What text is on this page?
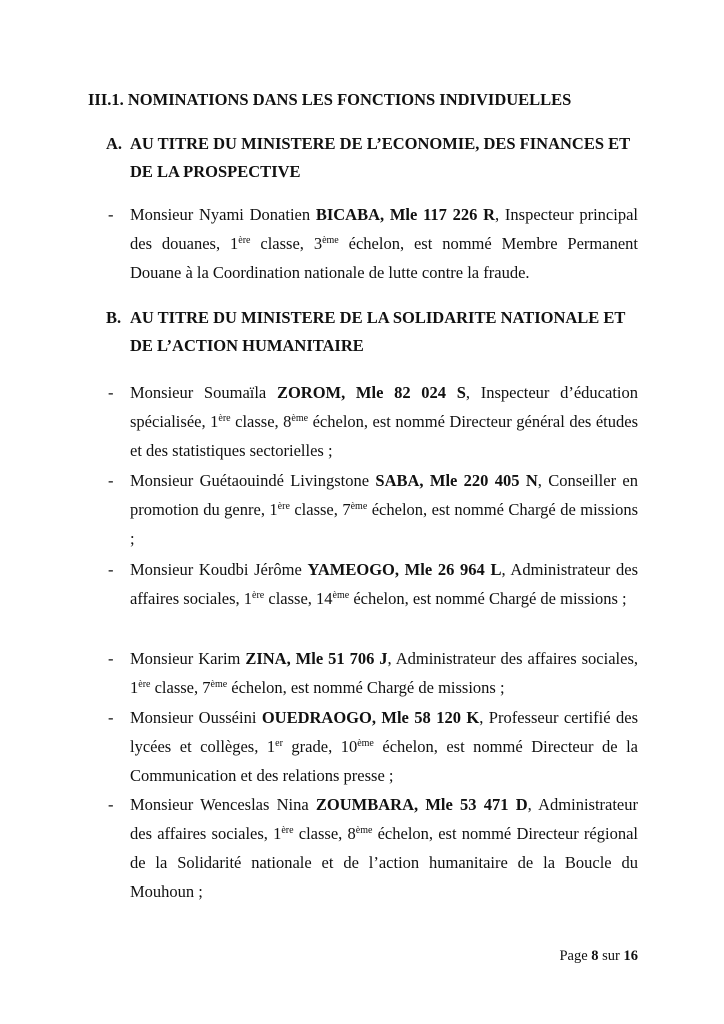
III.1. NOMINATIONS DANS LES FONCTIONS INDIVIDUELLES
A. AU TITRE DU MINISTERE DE L’ECONOMIE, DES FINANCES ET DE LA PROSPECTIVE
- Monsieur Nyami Donatien BICABA, Mle 117 226 R, Inspecteur principal des douanes, 1ère classe, 3ème échelon, est nommé Membre Permanent Douane à la Coordination nationale de lutte contre la fraude.
B. AU TITRE DU MINISTERE DE LA SOLIDARITE NATIONALE ET DE L’ACTION HUMANITAIRE
- Monsieur Soumaïla ZOROM, Mle 82 024 S, Inspecteur d’éducation spécialisée, 1ère classe, 8ème échelon, est nommé Directeur général des études et des statistiques sectorielles ;
- Monsieur Guétaouindé Livingstone SABA, Mle 220 405 N, Conseiller en promotion du genre, 1ère classe, 7ème échelon, est nommé Chargé de missions ;
- Monsieur Koudbi Jérôme YAMEOGO, Mle 26 964 L, Administrateur des affaires sociales, 1ère classe, 14ème échelon, est nommé Chargé de missions ;
- Monsieur Karim ZINA, Mle 51 706 J, Administrateur des affaires sociales, 1ère classe, 7ème échelon, est nommé Chargé de missions ;
- Monsieur Ousséini OUEDRAOGO, Mle 58 120 K, Professeur certifié des lycées et collèges, 1er grade, 10ème échelon, est nommé Directeur de la Communication et des relations presse ;
- Monsieur Wenceslas Nina ZOUMBARA, Mle 53 471 D, Administrateur des affaires sociales, 1ère classe, 8ème échelon, est nommé Directeur régional de la Solidarité nationale et de l’action humanitaire de la Boucle du Mouhoun ;
Page 8 sur 16
